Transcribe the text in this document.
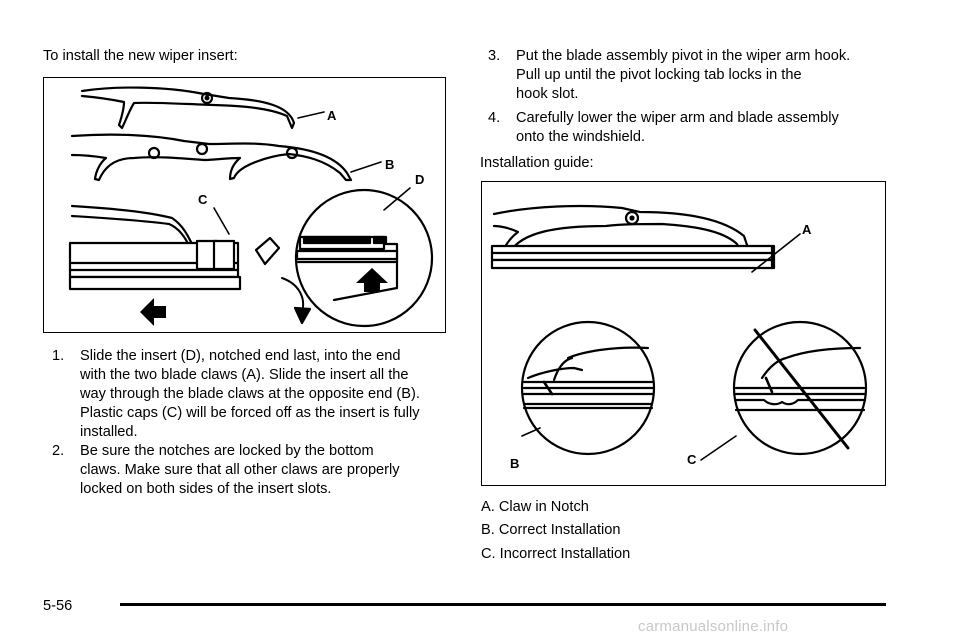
To install the new wiper insert:
A
B
D
C
1. Slide the insert (D), notched end last, into the end
with the two blade claws (A). Slide the insert all the
way through the blade claws at the opposite end (B).
Plastic caps (C) will be forced off as the insert is fully
installed.
2. Be sure the notches are locked by the bottom
claws. Make sure that all other claws are properly
locked on both sides of the insert slots.
3. Put the blade assembly pivot in the wiper arm hook.
Pull up until the pivot locking tab locks in the
hook slot.
4. Carefully lower the wiper arm and blade assembly
onto the windshield.
Installation guide:
A
B	C
A. Claw in Notch
B. Correct Installation
C. Incorrect Installation
5-56
carmanualsonline.info
